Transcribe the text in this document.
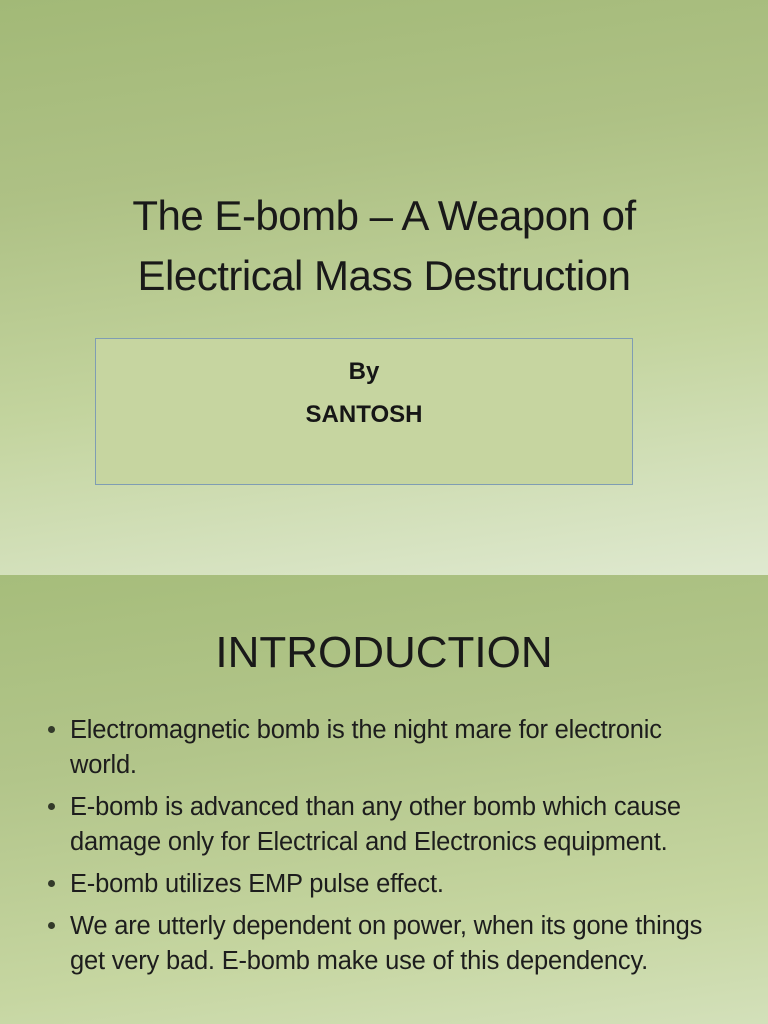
The E-bomb – A Weapon of
Electrical Mass Destruction
By
SANTOSH
INTRODUCTION
Electromagnetic bomb is the night mare for electronic world.
E-bomb is advanced than any other bomb which cause damage only for Electrical and Electronics equipment.
E-bomb utilizes EMP pulse effect.
We are utterly dependent on power, when its gone things get very bad. E-bomb make use of this dependency.
